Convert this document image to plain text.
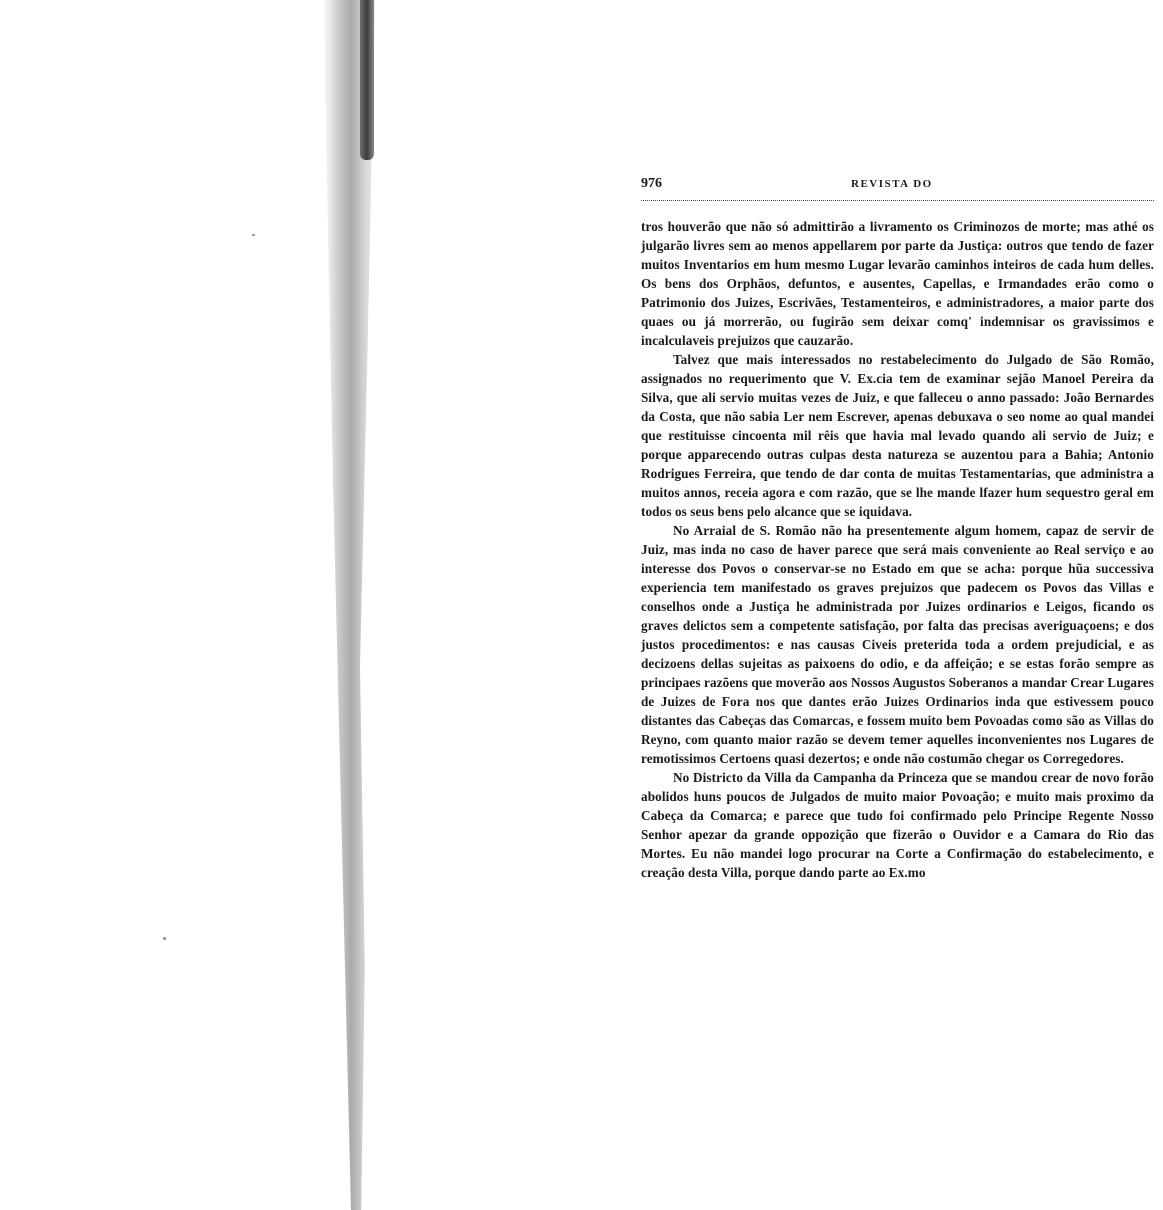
976	REVISTA DO

tros houverão que não só admittirão a livramento os Criminozos de morte; mas athé os julgarão livres sem ao menos appellarem por parte da Justiça: outros que tendo de fazer muitos Inventarios em hum mesmo Lugar levarão caminhos inteiros de cada hum delles. Os bens dos Orphãos, defuntos, e ausentes, Capellas, e Irmandades erão como o Patrimonio dos Juizes, Escrivães, Testamenteiros, e administradores, a maior parte dos quaes ou já morrerão, ou fugirão sem deixar comq' indemnisar os gravissimos e incalculaveis prejuizos que cauzarão.

Talvez que mais interessados no restabelecimento do Julgado de São Romão, assignados no requerimento que V. Ex.cia tem de examinar sejão Manoel Pereira da Silva, que ali servio muitas vezes de Juiz, e que falleceu o anno passado: João Bernardes da Costa, que não sabia Ler nem Escrever, apenas debuxava o seo nome ao qual mandei que restituisse cincoenta mil rêis que havia mal levado quando ali servio de Juiz; e porque apparecendo outras culpas desta natureza se auzentou para a Bahia; Antonio Rodrigues Ferreira, que tendo de dar conta de muitas Testamentarias, que administra a muitos annos, receia agora e com razão, que se lhe mande lfazer hum sequestro geral em todos os seus bens pelo alcance que se iquidava.

No Arraial de S. Romão não ha presentemente algum homem, capaz de servir de Juiz, mas inda no caso de haver parece que será mais conveniente ao Real serviço e ao interesse dos Povos o conservar-se no Estado em que se acha: porque hũa successiva experiencia tem manifestado os graves prejuizos que padecem os Povos das Villas e conselhos onde a Justiça he administrada por Juizes ordinarios e Leigos, ficando os graves delictos sem a competente satisfação, por falta das precisas averiguaçoens; e dos justos procedimentos: e nas causas Civeis preterida toda a ordem prejudicial, e as decizoens dellas sujeitas as paixoens do odio, e da affeição; e se estas forão sempre as principaes razõens que moverão aos Nossos Augustos Soberanos a mandar Crear Lugares de Juizes de Fora nos que dantes erão Juizes Ordinarios inda que estivessem pouco distantes das Cabeças das Comarcas, e fossem muito bem Povoadas como são as Villas do Reyno, com quanto maior razão se devem temer aquelles inconvenientes nos Lugares de remotissimos Certoens quasi dezertos; e onde não costumão chegar os Corregedores.

No Districto da Villa da Campanha da Princeza que se mandou crear de novo forão abolidos huns poucos de Julgados de muito maior Povoação; e muito mais proximo da Cabeça da Comarca; e parece que tudo foi confirmado pelo Principe Regente Nosso Senhor apezar da grande oppozição que fizerão o Ouvidor e a Camara do Rio das Mortes. Eu não mandei logo procurar na Corte a Confirmação do estabelecimento, e creação desta Villa, porque dando parte ao Ex.mo
